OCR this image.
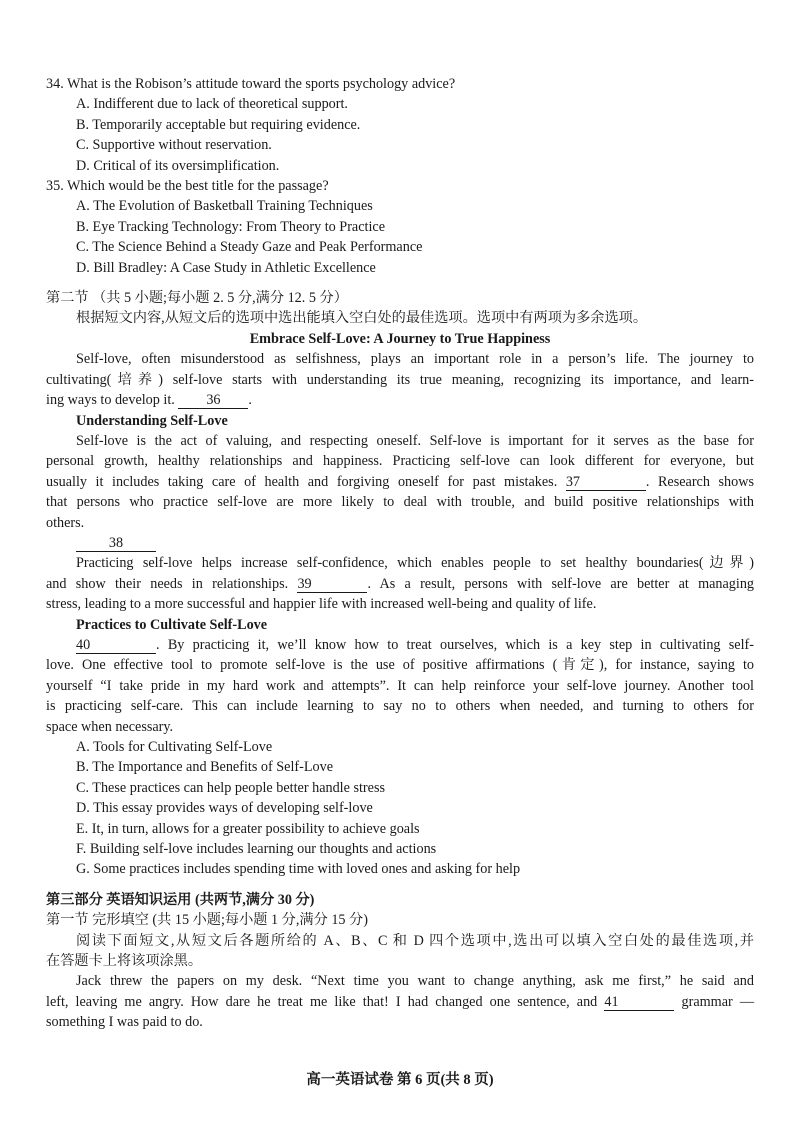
34. What is the Robison’s attitude toward the sports psychology advice?
A. Indifferent due to lack of theoretical support.
B. Temporarily acceptable but requiring evidence.
C. Supportive without reservation.
D. Critical of its oversimplification.
35. Which would be the best title for the passage?
A. The Evolution of Basketball Training Techniques
B. Eye Tracking Technology: From Theory to Practice
C. The Science Behind a Steady Gaze and Peak Performance
D. Bill Bradley: A Case Study in Athletic Excellence
第二节 （共 5 小题;每小题 2. 5 分,满分 12. 5 分）
根据短文内容,从短文后的选项中选出能填入空白处的最佳选项。选项中有两项为多余选项。
Embrace Self-Love: A Journey to True Happiness
Self-love, often misunderstood as selfishness, plays an important role in a person’s life. The journey to
cultivating(培养) self-love starts with understanding its true meaning, recognizing its importance, and learn-
ing ways to develop it. 36 .
Understanding Self-Love
Self-love is the act of valuing, and respecting oneself. Self-love is important for it serves as the base for
personal growth, healthy relationships and happiness. Practicing self-love can look different for everyone, but
usually it includes taking care of health and forgiving oneself for past mistakes. 37	. Research shows
that persons who practice self-love are more likely to deal with trouble, and build positive relationships with
others.
38
Practicing self-love helps increase self-confidence, which enables people to set healthy boundaries(边界)
and show their needs in relationships. 39	. As a result, persons with self-love are better at managing
stress, leading to a more successful and happier life with increased well-being and quality of life.
Practices to Cultivate Self-Love
40	. By practicing it, we’ll know how to treat ourselves, which is a key step in cultivating self-
love. One effective tool to promote self-love is the use of positive affirmations (肯定), for instance, saying to
yourself “I take pride in my hard work and attempts”. It can help reinforce your self-love journey. Another tool
is practicing self-care. This can include learning to say no to others when needed, and turning to others for
space when necessary.
A. Tools for Cultivating Self-Love
B. The Importance and Benefits of Self-Love
C. These practices can help people better handle stress
D. This essay provides ways of developing self-love
E. It, in turn, allows for a greater possibility to achieve goals
F. Building self-love includes learning our thoughts and actions
G. Some practices includes spending time with loved ones and asking for help
第三部分 英语知识运用 (共两节,满分 30 分)
第一节 完形填空 (共 15 小题;每小题 1 分,满分 15 分)
阅读下面短文,从短文后各题所给的 A、B、C 和 D 四个选项中,选出可以填入空白处的最佳选项,并
在答题卡上将该项涂黑。
Jack threw the papers on my desk. “Next time you want to change anything, ask me first,” he said and
left, leaving me angry. How dare he treat me like that! I had changed one sentence, and 41	grammar —
something I was paid to do.
高一英语试卷 第 6 页(共 8 页)
